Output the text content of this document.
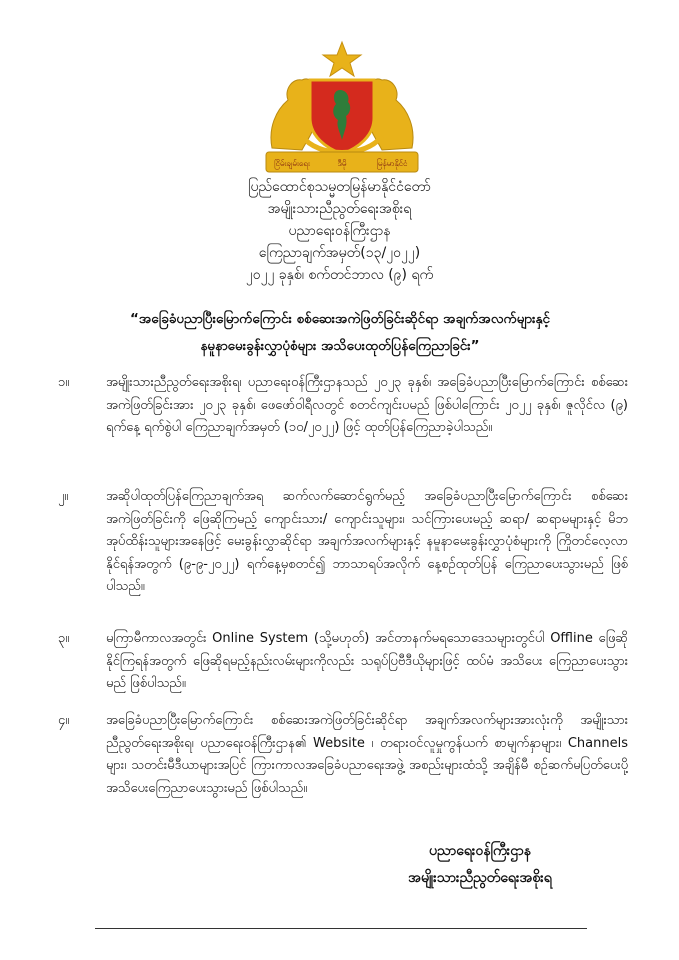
ငြိမ်းချမ်းရေး	ဒီမို	မြန်မာနိုင်ငံ
ပြည်ထောင်စုသမ္မတမြန်မာနိုင်ငံတော်
အမျိုးသားညီညွတ်ရေးအစိုးရ
ပညာရေးဝန်ကြီးဌာန
ကြေညာချက်အမှတ်(၁၃/၂၀၂၂)
၂၀၂၂ ခုနှစ်၊ စက်တင်ဘာလ (၉) ရက်
“အခြေခံပညာပြီးမြောက်ကြောင်း စစ်ဆေးအကဲဖြတ်ခြင်းဆိုင်ရာ အချက်အလက်များနှင့်
နမူနာမေးခွန်းလွှာပုံစံများ အသိပေးထုတ်ပြန်ကြေညာခြင်း”
၁။	အမျိုးသားညီညွတ်ရေးအစိုးရ၊ ပညာရေးဝန်ကြီးဌာနသည် ၂၀၂၃ ခုနှစ်၊ အခြေခံပညာပြီးမြောက်ကြောင်း စစ်ဆေးအကဲဖြတ်ခြင်းအား ၂၀၂၃ ခုနှစ်၊ ဖေဖော်ဝါရီလတွင် စတင်ကျင်းပမည် ဖြစ်ပါကြောင်း ၂၀၂၂ ခုနှစ်၊ ဇူလိုင်လ (၉) ရက်နေ့ ရက်စွဲပါ ကြေညာချက်အမှတ် (၁၀/၂၀၂၂) ဖြင့် ထုတ်ပြန်ကြေညာခဲ့ပါသည်။
၂။	အဆိုပါထုတ်ပြန်ကြေညာချက်အရ ဆက်လက်ဆောင်ရွက်မည့် အခြေခံပညာပြီးမြောက်ကြောင်း စစ်ဆေးအကဲဖြတ်ခြင်းကို ဖြေဆိုကြမည့် ကျောင်းသား/ ကျောင်းသူများ၊ သင်ကြားပေးမည့် ဆရာ/ ဆရာမများနှင့် မိဘအုပ်ထိန်းသူများအနေဖြင့် မေးခွန်းလွှာဆိုင်ရာ အချက်အလက်များနှင့် နမူနာမေးခွန်းလွှာပုံစံများကို ကြိုတင်လေ့လာနိုင်ရန်အတွက် (၉-၉-၂၀၂၂) ရက်နေ့မှစတင်၍ ဘာသာရပ်အလိုက် နေ့စဉ်ထုတ်ပြန် ကြေညာပေးသွားမည် ဖြစ်ပါသည်။
၃။	မကြာမီကာလအတွင်း Online System (သို့မဟုတ်) အင်တာနက်မရသောဒေသများတွင်ပါ Offline ဖြေဆိုနိုင်ကြရန်အတွက် ဖြေဆိုရမည့်နည်းလမ်းများကိုလည်း သရုပ်ပြဗီဒီယိုများဖြင့် ထပ်မံ အသိပေး ကြေညာပေးသွားမည် ဖြစ်ပါသည်။
၄။	အခြေခံပညာပြီးမြောက်ကြောင်း စစ်ဆေးအကဲဖြတ်ခြင်းဆိုင်ရာ အချက်အလက်များအားလုံးကို အမျိုးသားညီညွတ်ရေးအစိုးရ၊ ပညာရေးဝန်ကြီးဌာန၏ Website ၊ တရားဝင်လူမှုကွန်ယက် စာမျက်နှာများ၊ Channels များ၊ သတင်းမီဒီယာများအပြင် ကြားကာလအခြေခံပညာရေးအဖွဲ့ အစည်းများထံသို့ အချိန်မီ စဉ်ဆက်မပြတ်ပေးပို့ အသိပေးကြေညာပေးသွားမည် ဖြစ်ပါသည်။
ပညာရေးဝန်ကြီးဌာန
အမျိုးသားညီညွတ်ရေးအစိုးရ
